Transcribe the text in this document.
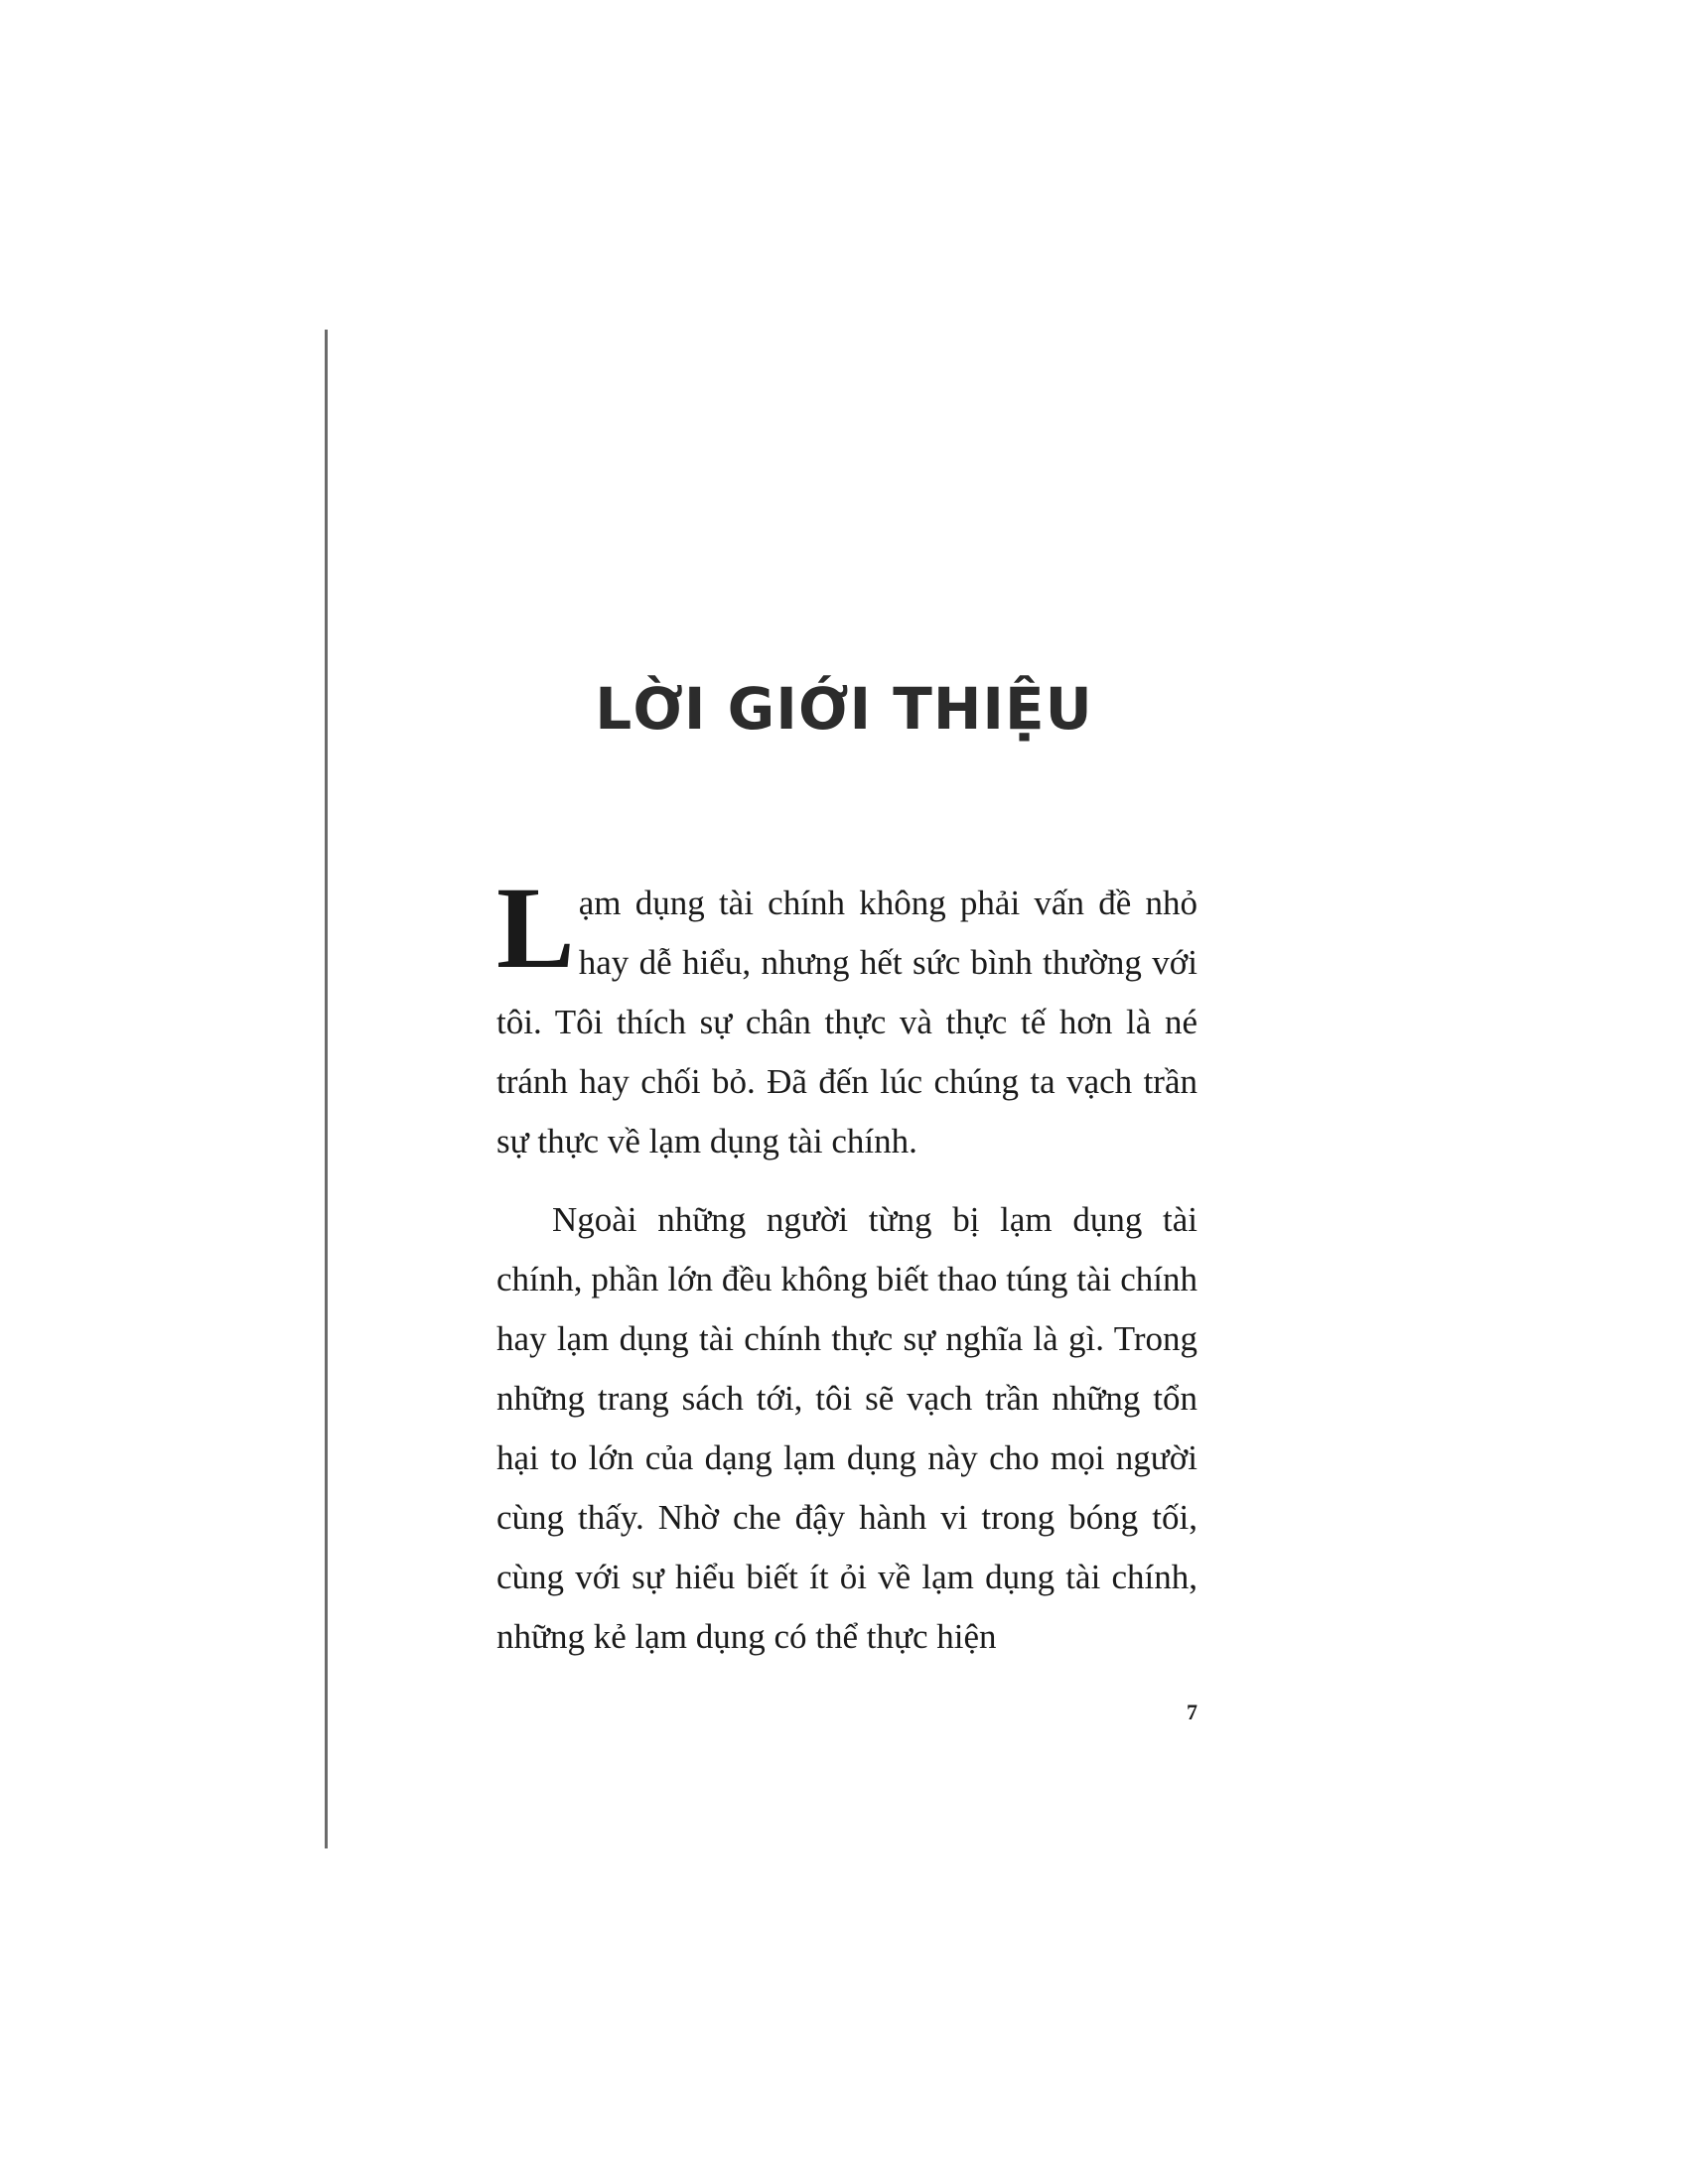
LỜI GIỚI THIỆU

Lạm dụng tài chính không phải vấn đề nhỏ hay dễ hiểu, nhưng hết sức bình thường với tôi. Tôi thích sự chân thực và thực tế hơn là né tránh hay chối bỏ. Đã đến lúc chúng ta vạch trần sự thực về lạm dụng tài chính.

Ngoài những người từng bị lạm dụng tài chính, phần lớn đều không biết thao túng tài chính hay lạm dụng tài chính thực sự nghĩa là gì. Trong những trang sách tới, tôi sẽ vạch trần những tổn hại to lớn của dạng lạm dụng này cho mọi người cùng thấy. Nhờ che đậy hành vi trong bóng tối, cùng với sự hiểu biết ít ỏi về lạm dụng tài chính, những kẻ lạm dụng có thể thực hiện

7
